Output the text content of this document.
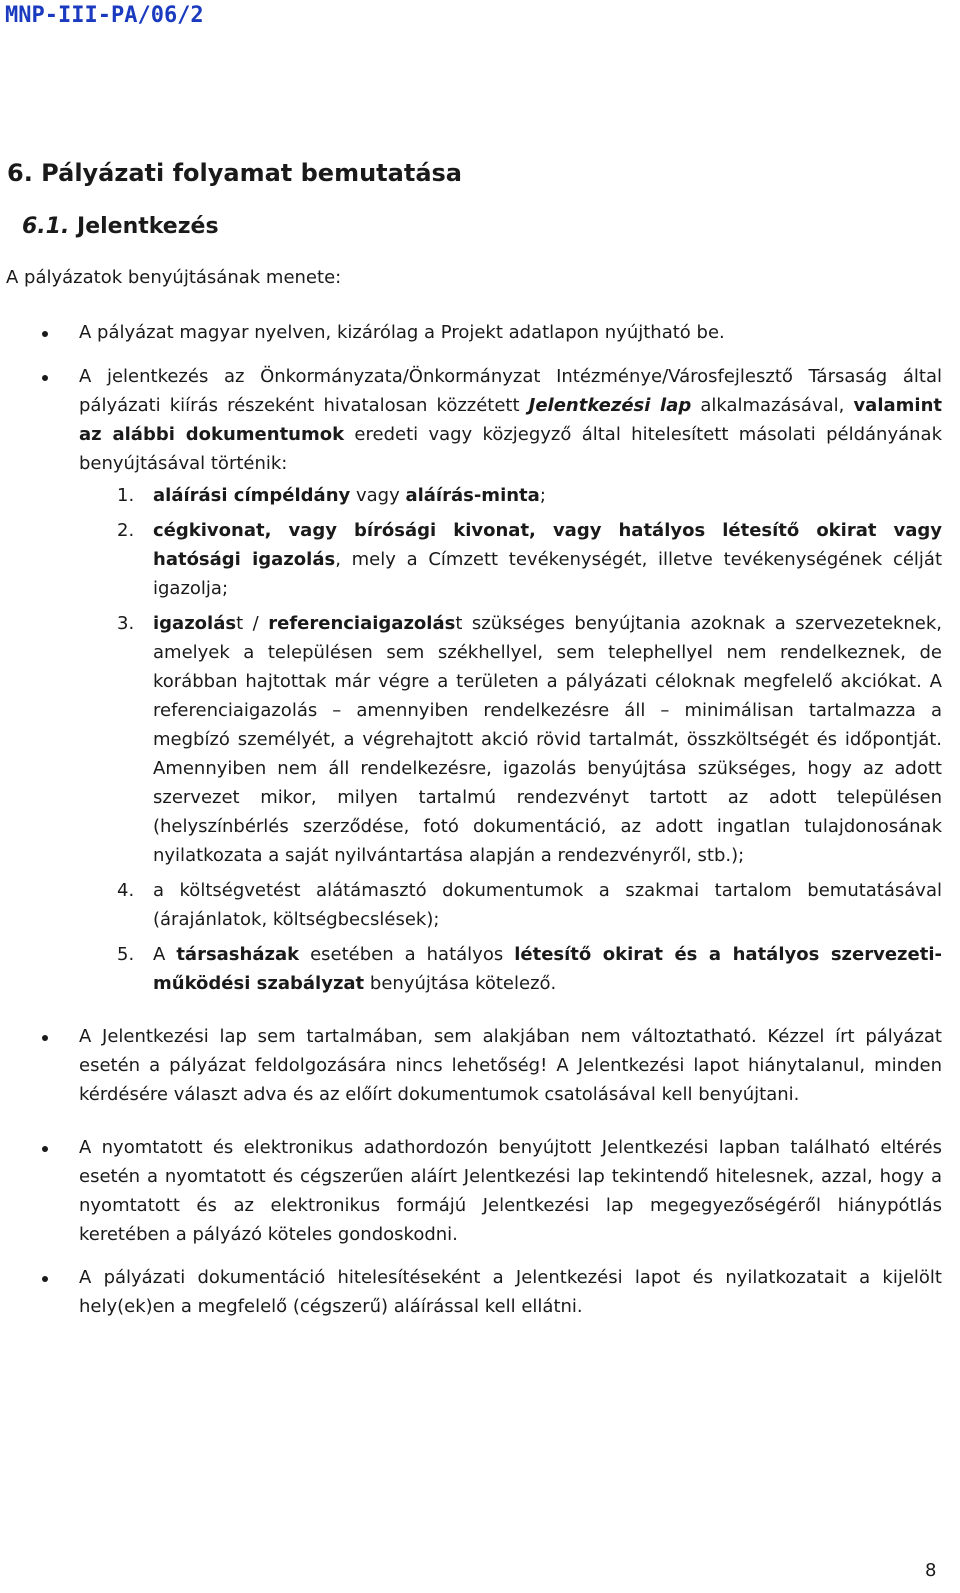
MNP-III-PA/06/2

6. Pályázati folyamat bemutatása
6.1. Jelentkezés

A pályázatok benyújtásának menete:

A pályázat magyar nyelven, kizárólag a Projekt adatlapon nyújtható be.
A jelentkezés az Önkormányzata/Önkormányzat Intézménye/Városfejlesztő Társaság által pályázati kiírás részeként hivatalosan közzétett Jelentkezési lap alkalmazásával, valamint az alábbi dokumentumok eredeti vagy közjegyző által hitelesített másolati példányának benyújtásával történik:
1. aláírási címpéldány vagy aláírás-minta;
2. cégkivonat, vagy bírósági kivonat, vagy hatályos létesítő okirat vagy hatósági igazolás, mely a Címzett tevékenységét, illetve tevékenységének célját igazolja;
3. igazolást / referenciaigazolást szükséges benyújtania azoknak a szervezeteknek, amelyek a településen sem székhellyel, sem telephellyel nem rendelkeznek, de korábban hajtottak már végre a területen a pályázati céloknak megfelelő akciókat. A referenciaigazolás – amennyiben rendelkezésre áll – minimálisan tartalmazza a megbízó személyét, a végrehajtott akció rövid tartalmát, összköltségét és időpontját. Amennyiben nem áll rendelkezésre, igazolás benyújtása szükséges, hogy az adott szervezet mikor, milyen tartalmú rendezvényt tartott az adott településen (helyszínbérlés szerződése, fotó dokumentáció, az adott ingatlan tulajdonosának nyilatkozata a saját nyilvántartása alapján a rendezvényről, stb.);
4. a költségvetést alátámasztó dokumentumok a szakmai tartalom bemutatásával (árajánlatok, költségbecslések);
5. A társasházak esetében a hatályos létesítő okirat és a hatályos szervezeti-működési szabályzat benyújtása kötelező.
A Jelentkezési lap sem tartalmában, sem alakjában nem változtatható. Kézzel írt pályázat esetén a pályázat feldolgozására nincs lehetőség! A Jelentkezési lapot hiánytalanul, minden kérdésére választ adva és az előírt dokumentumok csatolásával kell benyújtani.
A nyomtatott és elektronikus adathordozón benyújtott Jelentkezési lapban található eltérés esetén a nyomtatott és cégszerűen aláírt Jelentkezési lap tekintendő hitelesnek, azzal, hogy a nyomtatott és az elektronikus formájú Jelentkezési lap megegyezőségéről hiánypótlás keretében a pályázó köteles gondoskodni.
A pályázati dokumentáció hitelesítéseként a Jelentkezési lapot és nyilatkozatait a kijelölt hely(ek)en a megfelelő (cégszerű) aláírással kell ellátni.

8
